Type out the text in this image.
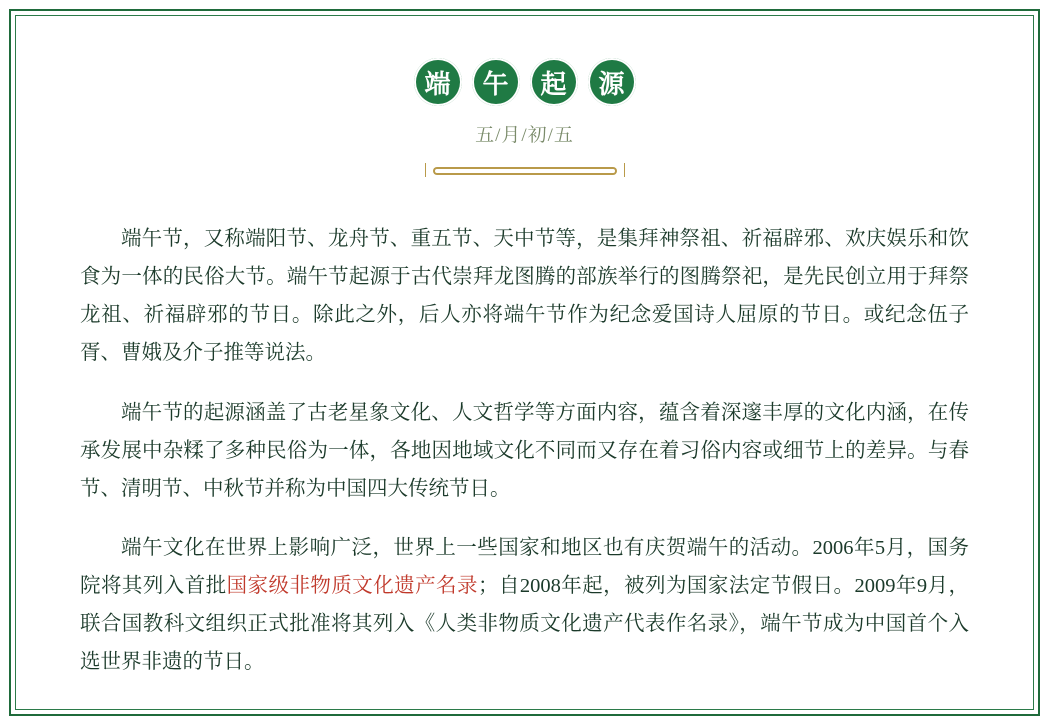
端	午	起	源
五/月/初/五

端午节，又称端阳节、龙舟节、重五节、天中节等，是集拜神祭祖、祈福辟邪、欢庆娱乐和饮食为一体的民俗大节。端午节起源于古代崇拜龙图腾的部族举行的图腾祭祀，是先民创立用于拜祭龙祖、祈福辟邪的节日。除此之外，后人亦将端午节作为纪念爱国诗人屈原的节日。或纪念伍子胥、曹娥及介子推等说法。

端午节的起源涵盖了古老星象文化、人文哲学等方面内容，蕴含着深邃丰厚的文化内涵，在传承发展中杂糅了多种民俗为一体，各地因地域文化不同而又存在着习俗内容或细节上的差异。与春节、清明节、中秋节并称为中国四大传统节日。

端午文化在世界上影响广泛，世界上一些国家和地区也有庆贺端午的活动。2006年5月，国务院将其列入首批国家级非物质文化遗产名录；自2008年起，被列为国家法定节假日。2009年9月，联合国教科文组织正式批准将其列入《人类非物质文化遗产代表作名录》，端午节成为中国首个入选世界非遗的节日。
